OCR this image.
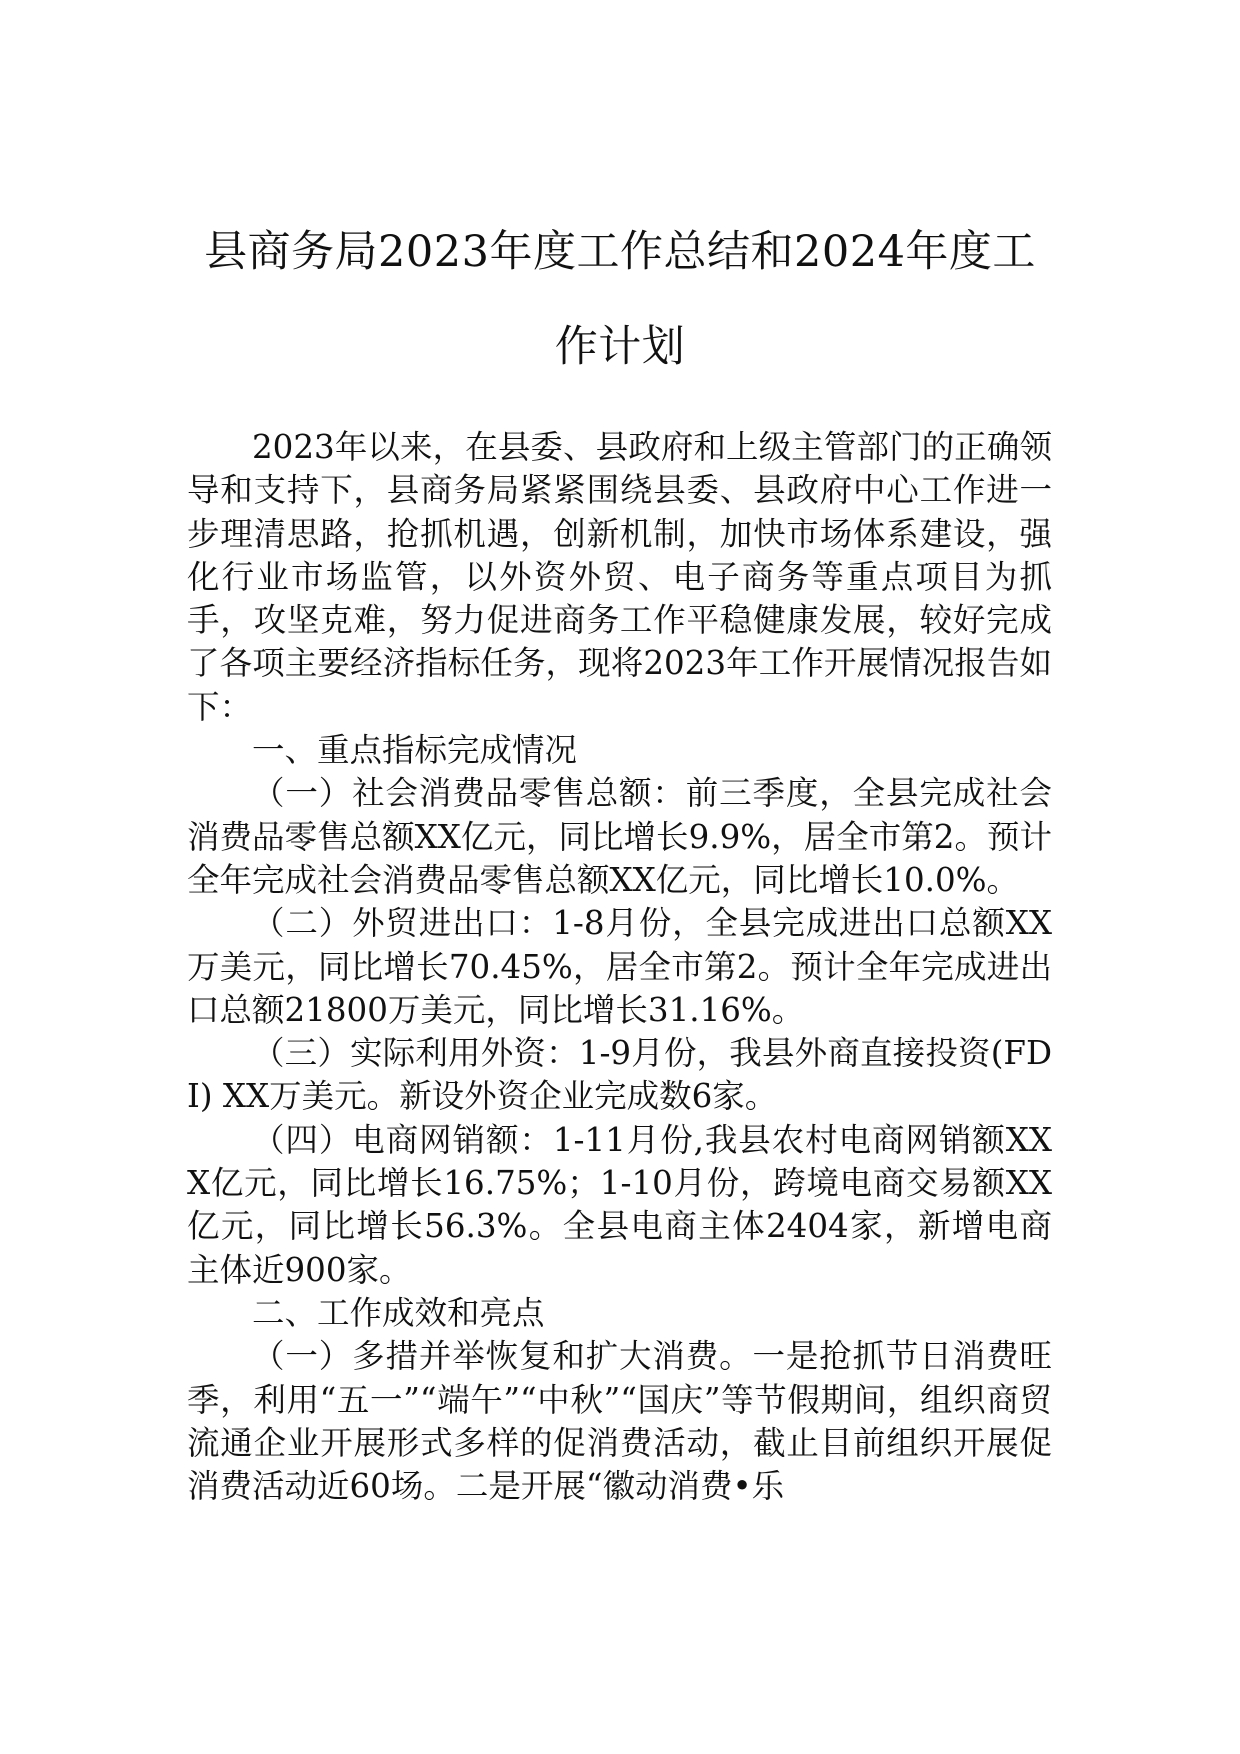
县商务局2023年度工作总结和2024年度工作计划

2023年以来，在县委、县政府和上级主管部门的正确领导和支持下，县商务局紧紧围绕县委、县政府中心工作进一步理清思路，抢抓机遇，创新机制，加快市场体系建设，强化行业市场监管，以外资外贸、电子商务等重点项目为抓手，攻坚克难，努力促进商务工作平稳健康发展，较好完成了各项主要经济指标任务，现将2023年工作开展情况报告如下：

一、重点指标完成情况

（一）社会消费品零售总额：前三季度，全县完成社会消费品零售总额XX亿元，同比增长9.9%，居全市第2。预计全年完成社会消费品零售总额XX亿元，同比增长10.0%。

（二）外贸进出口：1-8月份，全县完成进出口总额XX万美元，同比增长70.45%，居全市第2。预计全年完成进出口总额21800万美元，同比增长31.16%。

（三）实际利用外资：1-9月份，我县外商直接投资(FDI) XX万美元。新设外资企业完成数6家。

（四）电商网销额：1-11月份,我县农村电商网销额XXX亿元，同比增长16.75%；1-10月份，跨境电商交易额XX亿元，同比增长56.3%。全县电商主体2404家，新增电商主体近900家。

二、工作成效和亮点

（一）多措并举恢复和扩大消费。一是抢抓节日消费旺季，利用“五一”“端午”“中秋”“国庆”等节假期间，组织商贸流通企业开展形式多样的促消费活动，截止目前组织开展促消费活动近60场。二是开展“徽动消费•乐
